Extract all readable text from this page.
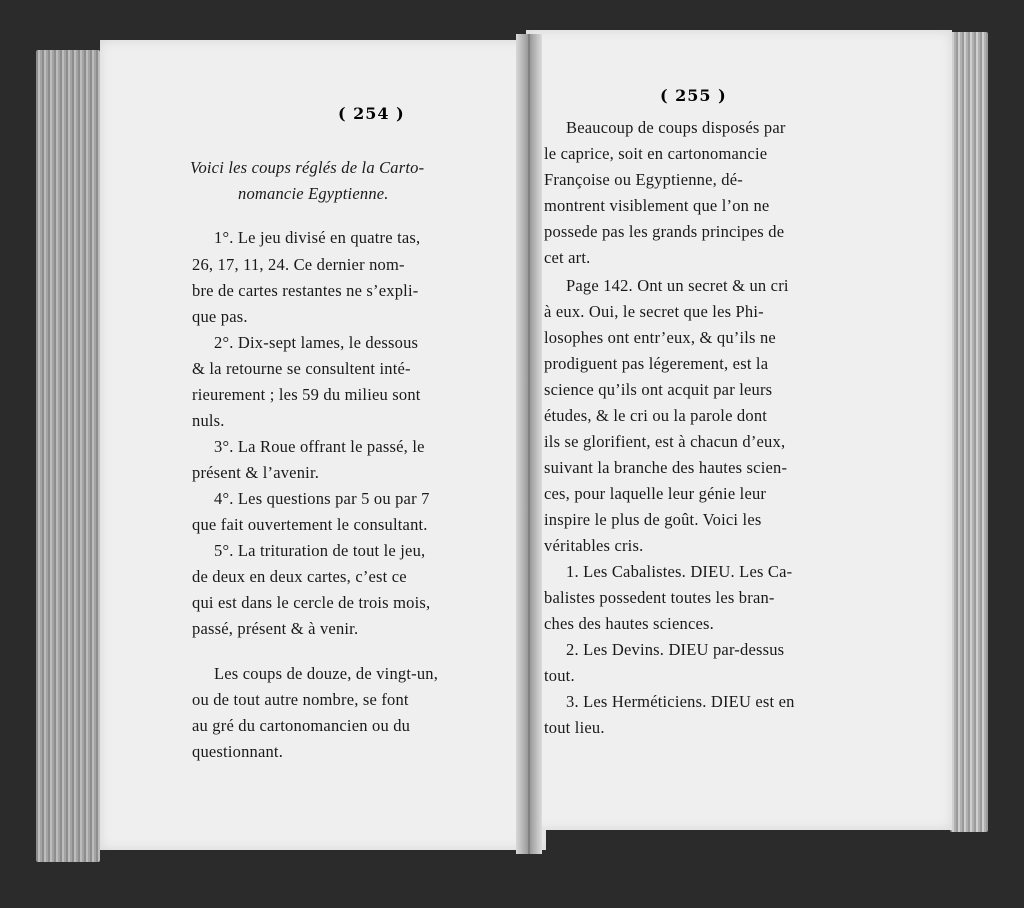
( 254 )
( 255 )
Voici les coups réglés de la Carto-
nomancie Egyptienne.
1°. Le jeu divisé en quatre tas,
26, 17, 11, 24. Ce dernier nom-
bre de cartes restantes ne s’expli-
que pas.
2°. Dix-sept lames, le dessous
& la retourne se consultent inté-
rieurement ; les 59 du milieu sont
nuls.
3°. La Roue offrant le passé, le
présent & l’avenir.
4°. Les questions par 5 ou par 7
que fait ouvertement le consultant.
5°. La trituration de tout le jeu,
de deux en deux cartes, c’est ce
qui est dans le cercle de trois mois,
passé, présent & à venir.
Les coups de douze, de vingt-un,
ou de tout autre nombre, se font
au gré du cartonomancien ou du
questionnant.
Beaucoup de coups disposés par
le caprice, soit en cartonomancie
Françoise ou Egyptienne, dé-
montrent visiblement que l’on ne
possede pas les grands principes de
cet art.
Page 142. Ont un secret & un cri
à eux. Oui, le secret que les Phi-
losophes ont entr’eux, & qu’ils ne
prodiguent pas légerement, est la
science qu’ils ont acquit par leurs
études, & le cri ou la parole dont
ils se glorifient, est à chacun d’eux,
suivant la branche des hautes scien-
ces, pour laquelle leur génie leur
inspire le plus de goût. Voici les
véritables cris.
1. Les Cabalistes. DIEU. Les Ca-
balistes possedent toutes les bran-
ches des hautes sciences.
2. Les Devins. DIEU par-dessus
tout.
3. Les Herméticiens. DIEU est en
tout lieu.
